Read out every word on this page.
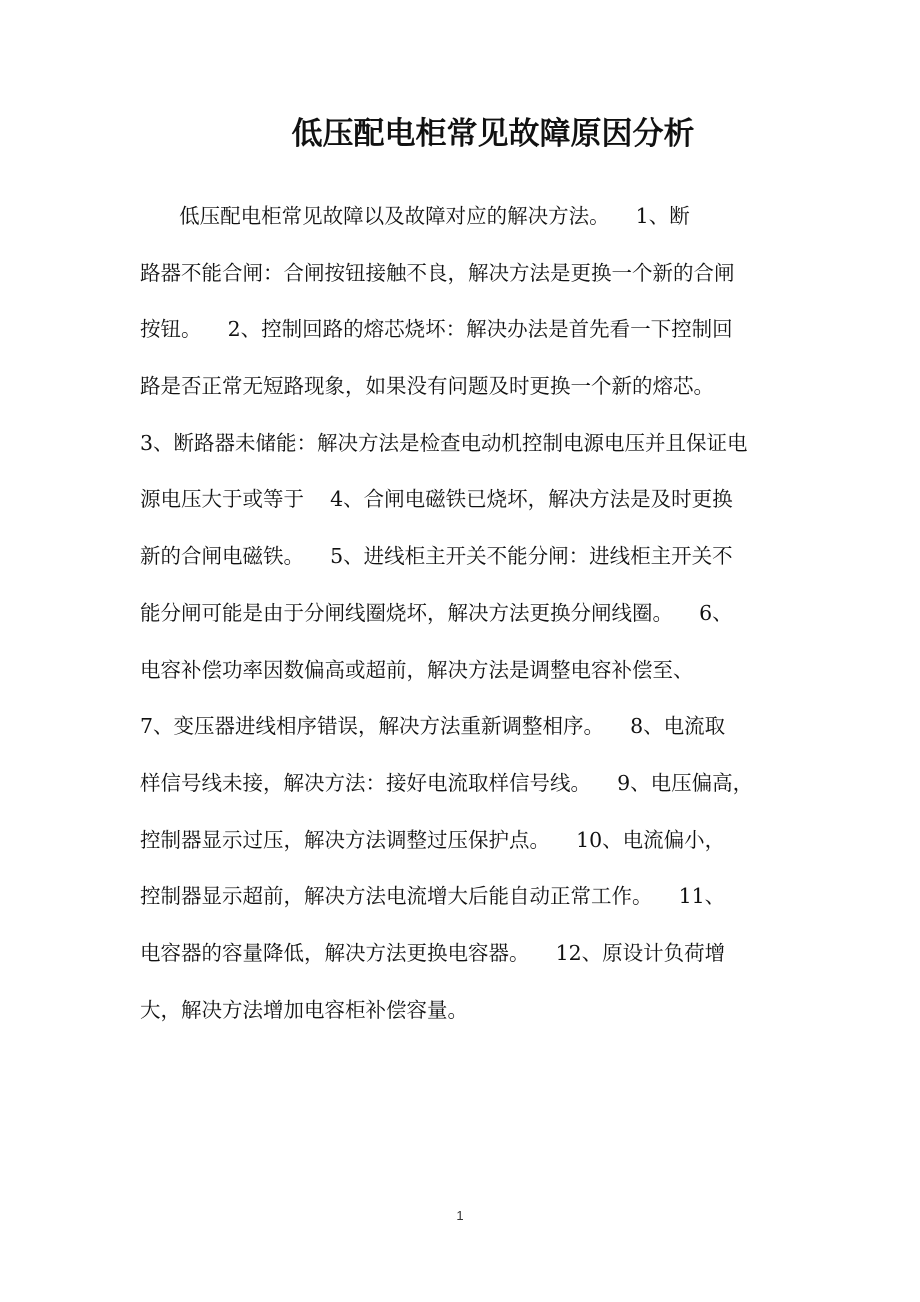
低压配电柜常见故障原因分析
低压配电柜常见故障以及故障对应的解决方法。    1、断
路器不能合闸：合闸按钮接触不良，解决方法是更换一个新的合闸
按钮。    2、控制回路的熔芯烧坏：解决办法是首先看一下控制回
路是否正常无短路现象，如果没有问题及时更换一个新的熔芯。
3、断路器未储能：解决方法是检查电动机控制电源电压并且保证电
源电压大于或等于    4、合闸电磁铁已烧坏，解决方法是及时更换
新的合闸电磁铁。    5、进线柜主开关不能分闸：进线柜主开关不
能分闸可能是由于分闸线圈烧坏，解决方法更换分闸线圈。    6、
电容补偿功率因数偏高或超前，解决方法是调整电容补偿至、
7、变压器进线相序错误，解决方法重新调整相序。    8、电流取
样信号线未接，解决方法：接好电流取样信号线。    9、电压偏高，
控制器显示过压，解决方法调整过压保护点。    10、电流偏小，
控制器显示超前，解决方法电流增大后能自动正常工作。    11、
电容器的容量降低，解决方法更换电容器。    12、原设计负荷增
大，解决方法增加电容柜补偿容量。
1
